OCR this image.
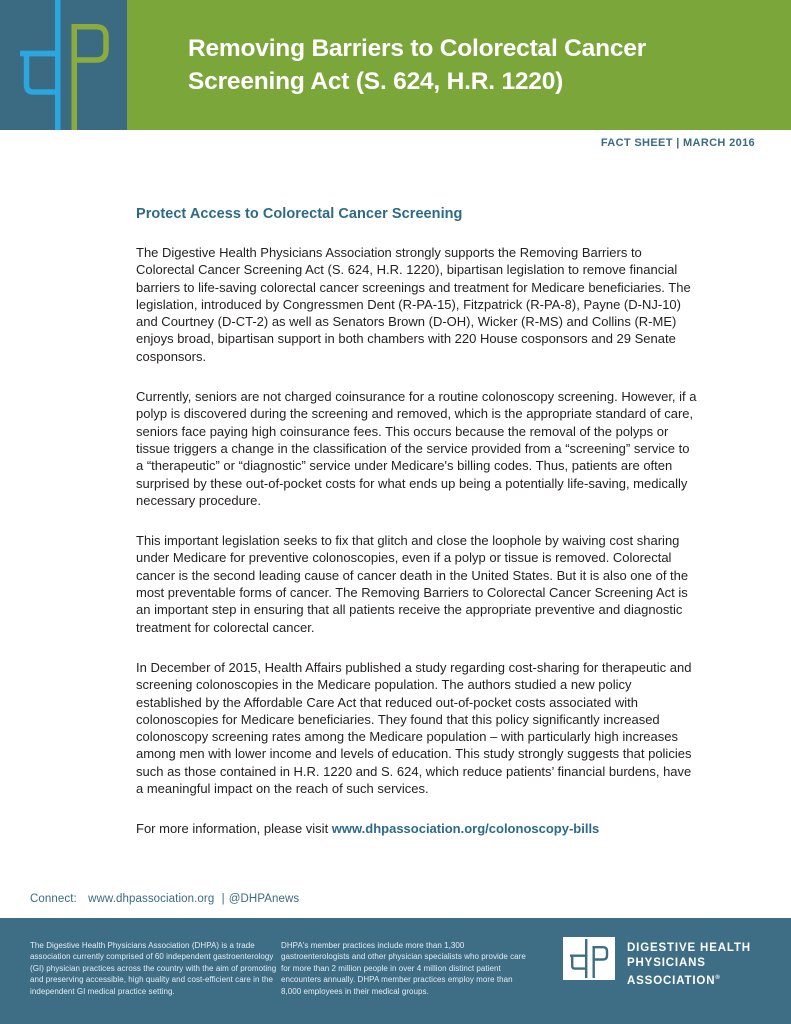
Removing Barriers to Colorectal Cancer Screening Act (S. 624, H.R. 1220)
FACT SHEET | MARCH 2016
Protect Access to Colorectal Cancer Screening

The Digestive Health Physicians Association strongly supports the Removing Barriers to Colorectal Cancer Screening Act (S. 624, H.R. 1220), bipartisan legislation to remove financial barriers to life-saving colorectal cancer screenings and treatment for Medicare beneficiaries. The legislation, introduced by Congressmen Dent (R-PA-15), Fitzpatrick (R-PA-8), Payne (D-NJ-10) and Courtney (D-CT-2) as well as Senators Brown (D-OH), Wicker (R-MS) and Collins (R-ME) enjoys broad, bipartisan support in both chambers with 220 House cosponsors and 29 Senate cosponsors.

Currently, seniors are not charged coinsurance for a routine colonoscopy screening. However, if a polyp is discovered during the screening and removed, which is the appropriate standard of care, seniors face paying high coinsurance fees. This occurs because the removal of the polyps or tissue triggers a change in the classification of the service provided from a “screening” service to a “therapeutic” or “diagnostic” service under Medicare's billing codes. Thus, patients are often surprised by these out-of-pocket costs for what ends up being a potentially life-saving, medically necessary procedure.

This important legislation seeks to fix that glitch and close the loophole by waiving cost sharing under Medicare for preventive colonoscopies, even if a polyp or tissue is removed. Colorectal cancer is the second leading cause of cancer death in the United States. But it is also one of the most preventable forms of cancer. The Removing Barriers to Colorectal Cancer Screening Act is an important step in ensuring that all patients receive the appropriate preventive and diagnostic treatment for colorectal cancer.

In December of 2015, Health Affairs published a study regarding cost-sharing for therapeutic and screening colonoscopies in the Medicare population. The authors studied a new policy established by the Affordable Care Act that reduced out-of-pocket costs associated with colonoscopies for Medicare beneficiaries. They found that this policy significantly increased colonoscopy screening rates among the Medicare population – with particularly high increases among men with lower income and levels of education. This study strongly suggests that policies such as those contained in H.R. 1220 and S. 624, which reduce patients’ financial burdens, have a meaningful impact on the reach of such services.

For more information, please visit www.dhpassociation.org/colonoscopy-bills

Connect: www.dhpassociation.org | @DHPAnews
The Digestive Health Physicians Association (DHPA) is a trade association currently comprised of 60 independent gastroenterology (GI) physician practices across the country with the aim of promoting and preserving accessible, high quality and cost-efficient care in the independent GI medical practice setting.
DHPA's member practices include more than 1,300 gastroenterologists and other physician specialists who provide care for more than 2 million people in over 4 million distinct patient encounters annually. DHPA member practices employ more than 8,000 employees in their medical groups.
DIGESTIVE HEALTH
PHYSICIANS ASSOCIATION®
